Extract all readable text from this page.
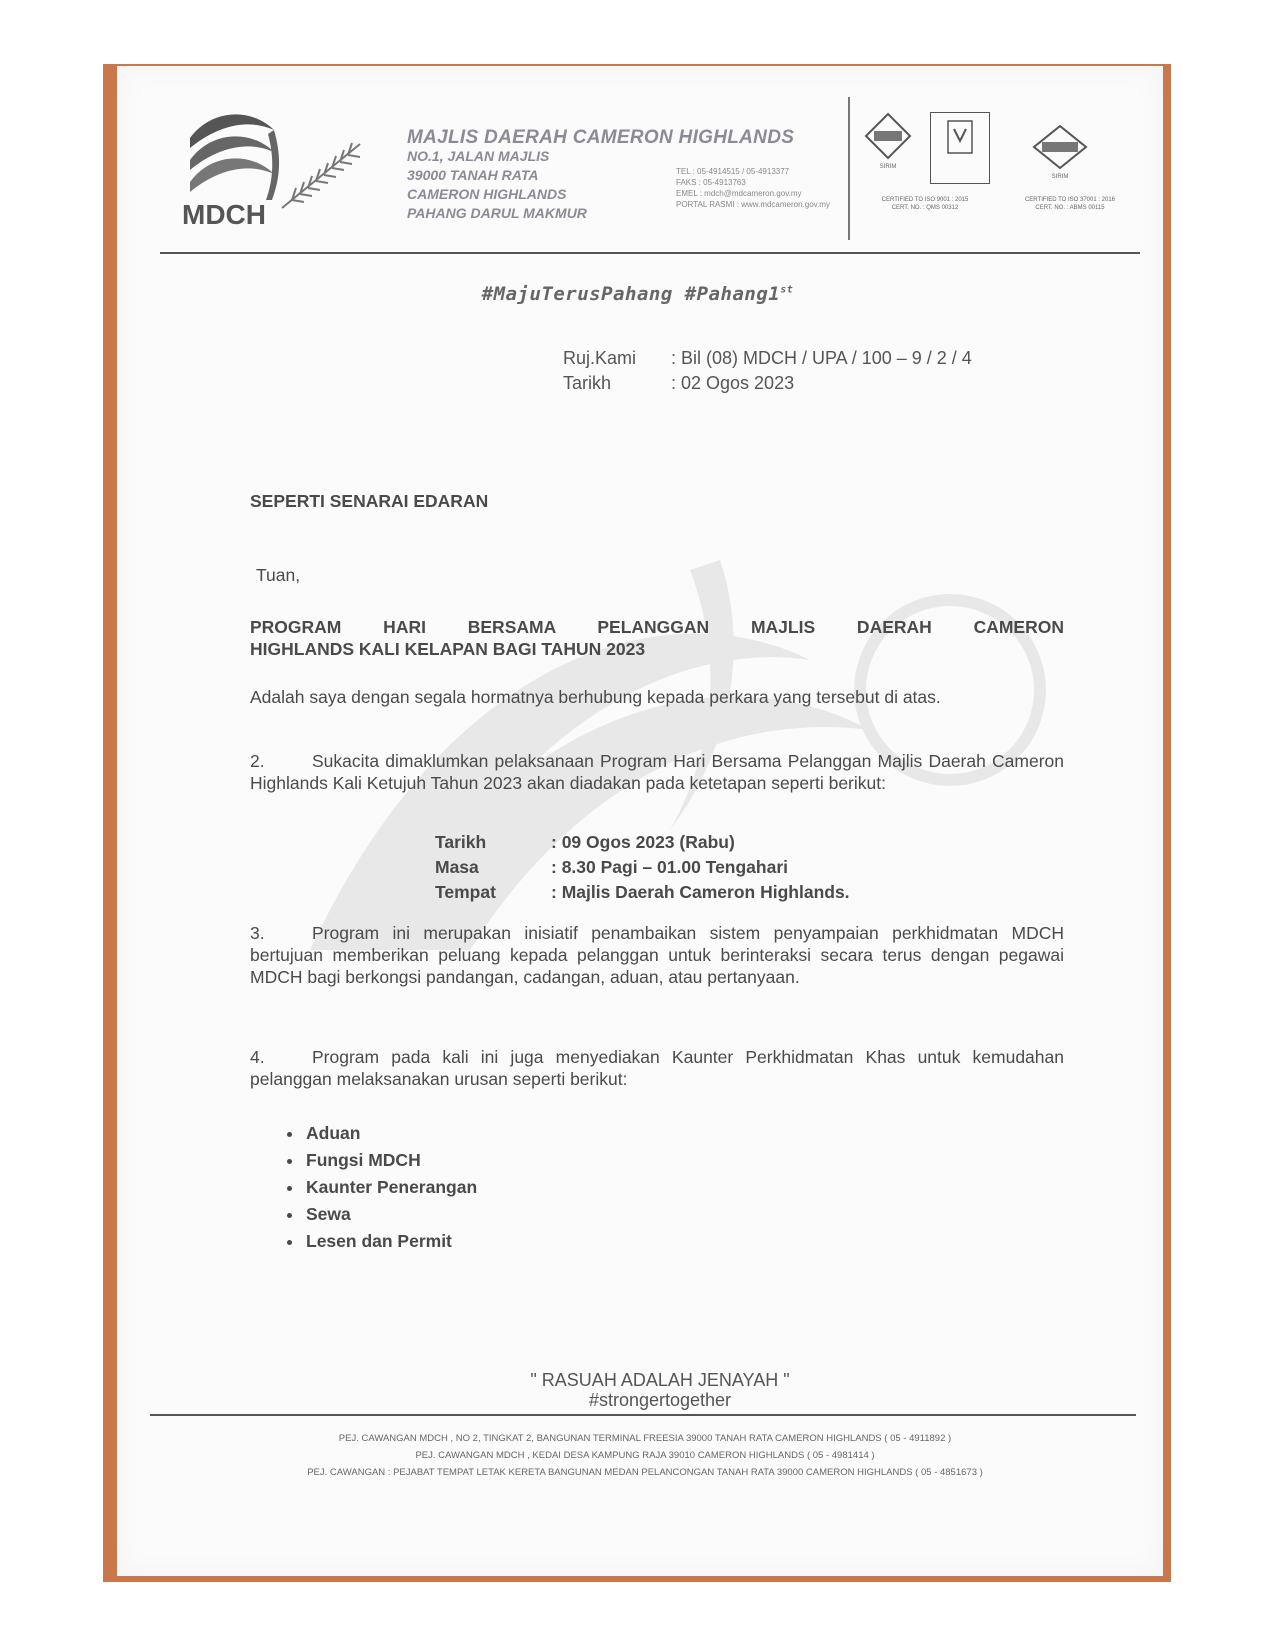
MDCH
MAJLIS DAERAH CAMERON HIGHLANDS
NO.1, JALAN MAJLIS
39000 TANAH RATA
CAMERON HIGHLANDS
PAHANG DARUL MAKMUR
TEL : 05-4914515 / 05-4913377
FAKS : 05-4913763
EMEL : mdch@mdcameron.gov.my
PORTAL RASMI : www.mdcameron.gov.my
SIRIM
CERTIFIED TO ISO 9001 : 2015
CERT. NO. : QMS 00312
SIRIM
CERTIFIED TO ISO 37001 : 2016
CERT. NO. : ABMS 00115
#MajuTerusPahang #Pahang1st
Ruj.Kami : Bil (08) MDCH / UPA / 100 – 9 / 2 / 4
Tarikh	: 02 Ogos 2023
SEPERTI SENARAI EDARAN
Tuan,
PROGRAM HARI BERSAMA PELANGGAN MAJLIS DAERAH CAMERON
HIGHLANDS KALI KELAPAN BAGI TAHUN 2023
Adalah saya dengan segala hormatnya berhubung kepada perkara yang tersebut di atas.
2.	Sukacita dimaklumkan pelaksanaan Program Hari Bersama Pelanggan Majlis Daerah Cameron Highlands Kali Ketujuh Tahun 2023 akan diadakan pada ketetapan seperti berikut:
Tarikh	: 09 Ogos 2023 (Rabu)
Masa	: 8.30 Pagi – 01.00 Tengahari
Tempat	: Majlis Daerah Cameron Highlands.
3.	Program ini merupakan inisiatif penambaikan sistem penyampaian perkhidmatan MDCH bertujuan memberikan peluang kepada pelanggan untuk berinteraksi secara terus dengan pegawai MDCH bagi berkongsi pandangan, cadangan, aduan, atau pertanyaan.
4.	Program pada kali ini juga menyediakan Kaunter Perkhidmatan Khas untuk kemudahan pelanggan melaksanakan urusan seperti berikut:
• Aduan
• Fungsi MDCH
• Kaunter Penerangan
• Sewa
• Lesen dan Permit
" RASUAH ADALAH JENAYAH "
#strongertogether
PEJ. CAWANGAN MDCH , NO 2, TINGKAT 2, BANGUNAN TERMINAL FREESIA 39000 TANAH RATA CAMERON HIGHLANDS ( 05 - 4911892 )
PEJ. CAWANGAN MDCH , KEDAI DESA KAMPUNG RAJA 39010 CAMERON HIGHLANDS ( 05 - 4981414 )
PEJ. CAWANGAN : PEJABAT TEMPAT LETAK KERETA BANGUNAN MEDAN PELANCONGAN TANAH RATA 39000 CAMERON HIGHLANDS ( 05 - 4851673 )
